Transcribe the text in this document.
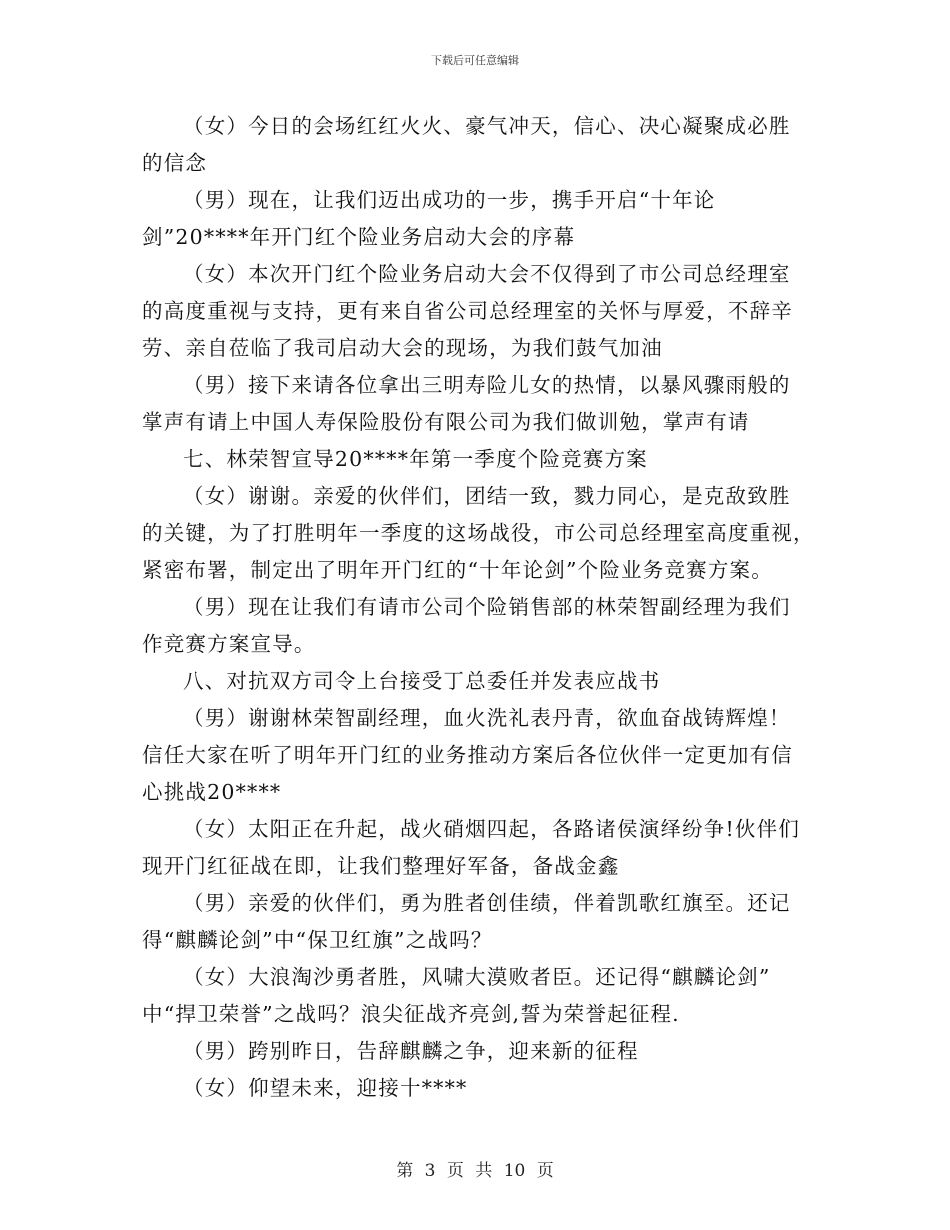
下载后可任意编辑

（女）今日的会场红红火火、豪气冲天，信心、决心凝聚成必胜
的信念

（男）现在，让我们迈出成功的一步，携手开启“十年论
剑”20****年开门红个险业务启动大会的序幕

（女）本次开门红个险业务启动大会不仅得到了市公司总经理室
的高度重视与支持，更有来自省公司总经理室的关怀与厚爱，不辞辛
劳、亲自莅临了我司启动大会的现场，为我们鼓气加油

（男）接下来请各位拿出三明寿险儿女的热情，以暴风骤雨般的
掌声有请上中国人寿保险股份有限公司为我们做训勉，掌声有请

七、林荣智宣导20****年第一季度个险竞赛方案

（女）谢谢。亲爱的伙伴们，团结一致，戮力同心，是克敌致胜
的关键，为了打胜明年一季度的这场战役，市公司总经理室高度重视，
紧密布署，制定出了明年开门红的“十年论剑”个险业务竞赛方案。

（男）现在让我们有请市公司个险销售部的林荣智副经理为我们
作竞赛方案宣导。

八、对抗双方司令上台接受丁总委任并发表应战书

（男）谢谢林荣智副经理，血火洗礼表丹青，欲血奋战铸辉煌！
信任大家在听了明年开门红的业务推动方案后各位伙伴一定更加有信
心挑战20****

（女）太阳正在升起，战火硝烟四起，各路诸侯演绎纷争!伙伴们
现开门红征战在即，让我们整理好军备，备战金鑫

（男）亲爱的伙伴们，勇为胜者创佳绩，伴着凯歌红旗至。还记
得“麒麟论剑”中“保卫红旗”之战吗？

（女）大浪淘沙勇者胜，风啸大漠败者臣。还记得“麒麟论剑”
中“捍卫荣誉”之战吗？浪尖征战齐亮剑,誓为荣誉起征程.

（男）跨别昨日，告辞麒麟之争，迎来新的征程

（女）仰望未来，迎接十****

第 3 页 共 10 页
